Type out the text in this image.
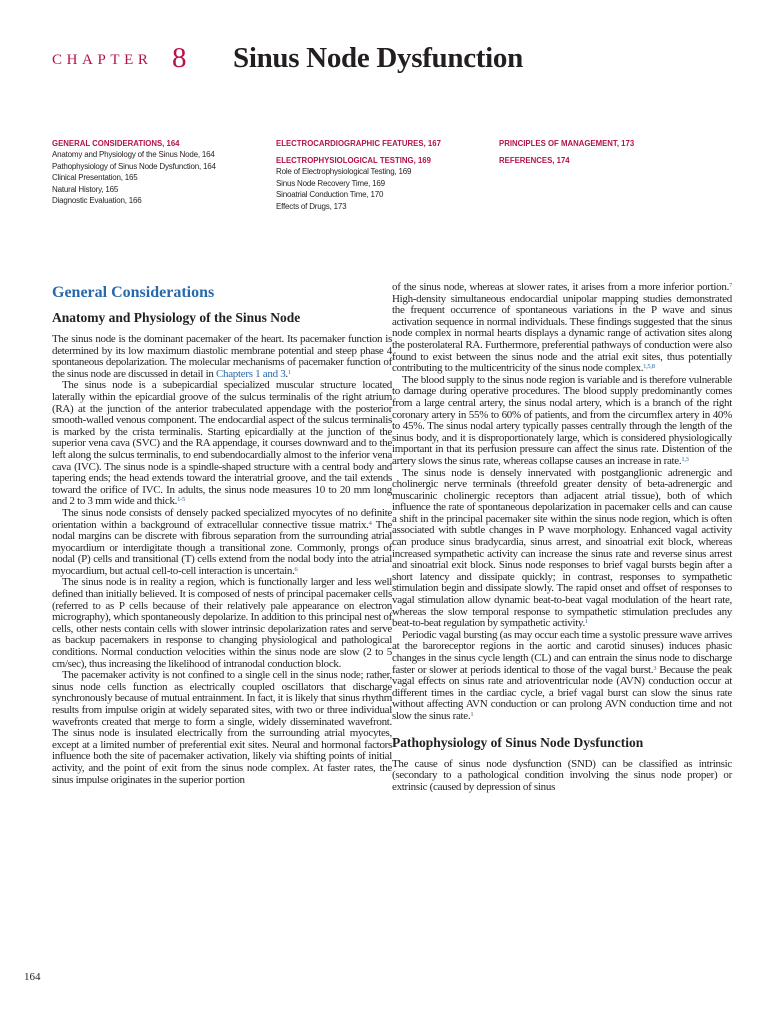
CHAPTER 8 Sinus Node Dysfunction
GENERAL CONSIDERATIONS, 164
Anatomy and Physiology of the Sinus Node, 164
Pathophysiology of Sinus Node Dysfunction, 164
Clinical Presentation, 165
Natural History, 165
Diagnostic Evaluation, 166
ELECTROCARDIOGRAPHIC FEATURES, 167
ELECTROPHYSIOLOGICAL TESTING, 169
Role of Electrophysiological Testing, 169
Sinus Node Recovery Time, 169
Sinoatrial Conduction Time, 170
Effects of Drugs, 173
PRINCIPLES OF MANAGEMENT, 173
REFERENCES, 174
General Considerations
Anatomy and Physiology of the Sinus Node

The sinus node is the dominant pacemaker of the heart. Its pacemaker function is determined by its low maximum diastolic membrane potential and steep phase 4 spontaneous depolarization. The molecular mechanisms of pacemaker function of the sinus node are discussed in detail in Chapters 1 and 3.$^1$

The sinus node is a subepicardial specialized muscular structure located laterally within the epicardial groove of the sulcus terminalis of the right atrium (RA) at the junction of the anterior trabeculated appendage with the posterior smooth-walled venous component. The endocardial aspect of the sulcus terminalis is marked by the crista terminalis. Starting epicardially at the junction of the superior vena cava (SVC) and the RA appendage, it courses downward and to the left along the sulcus terminalis, to end subendocardially almost to the inferior vena cava (IVC). The sinus node is a spindle-shaped structure with a central body and tapering ends; the head extends toward the interatrial groove, and the tail extends toward the orifice of IVC. In adults, the sinus node measures 10 to 20 mm long and 2 to 3 mm wide and thick.$^{1-5}$

The sinus node consists of densely packed specialized myocytes of no definite orientation within a background of extracellular connective tissue matrix.$^4$ The nodal margins can be discrete with fibrous separation from the surrounding atrial myocardium or interdigitate though a transitional zone. Commonly, prongs of nodal (P) cells and transitional (T) cells extend from the nodal body into the atrial myocardium, but actual cell-to-cell interaction is uncertain.$^6$

The sinus node is in reality a region, which is functionally larger and less well defined than initially believed. It is composed of nests of principal pacemaker cells (referred to as P cells because of their relatively pale appearance on electron micrography), which spontaneously depolarize. In addition to this principal nest of cells, other nests contain cells with slower intrinsic depolarization rates and serve as backup pacemakers in response to changing physiological and pathological conditions. Normal conduction velocities within the sinus node are slow (2 to 5 cm/sec), thus increasing the likelihood of intranodal conduction block.

The pacemaker activity is not confined to a single cell in the sinus node; rather, sinus node cells function as electrically coupled oscillators that discharge synchronously because of mutual entrainment. In fact, it is likely that sinus rhythm results from impulse origin at widely separated sites, with two or three individual wavefronts created that merge to form a single, widely disseminated wavefront. The sinus node is insulated electrically from the surrounding atrial myocytes, except at a limited number of preferential exit sites. Neural and hormonal factors influence both the site of pacemaker activation, likely via shifting points of initial activity, and the point of exit from the sinus node complex. At faster rates, the sinus impulse originates in the superior portion

of the sinus node, whereas at slower rates, it arises from a more inferior portion.$^7$ High-density simultaneous endocardial unipolar mapping studies demonstrated the frequent occurrence of spontaneous variations in the P wave and sinus activation sequence in normal individuals. These findings suggested that the sinus node complex in normal hearts displays a dynamic range of activation sites along the posterolateral RA. Furthermore, preferential pathways of conduction were also found to exist between the sinus node and the atrial exit sites, thus potentially contributing to the multicentricity of the sinus node complex.$^{1,5,8}$

The blood supply to the sinus node region is variable and is therefore vulnerable to damage during operative procedures. The blood supply predominantly comes from a large central artery, the sinus nodal artery, which is a branch of the right coronary artery in 55% to 60% of patients, and from the circumflex artery in 40% to 45%. The sinus nodal artery typically passes centrally through the length of the sinus body, and it is disproportionately large, which is considered physiologically important in that its perfusion pressure can affect the sinus rate. Distention of the artery slows the sinus rate, whereas collapse causes an increase in rate.$^{1,3}$

The sinus node is densely innervated with postganglionic adrenergic and cholinergic nerve terminals (threefold greater density of beta-adrenergic and muscarinic cholinergic receptors than adjacent atrial tissue), both of which influence the rate of spontaneous depolarization in pacemaker cells and can cause a shift in the principal pacemaker site within the sinus node region, which is often associated with subtle changes in P wave morphology. Enhanced vagal activity can produce sinus bradycardia, sinus arrest, and sinoatrial exit block, whereas increased sympathetic activity can increase the sinus rate and reverse sinus arrest and sinoatrial exit block. Sinus node responses to brief vagal bursts begin after a short latency and dissipate quickly; in contrast, responses to sympathetic stimulation begin and dissipate slowly. The rapid onset and offset of responses to vagal stimulation allow dynamic beat-to-beat vagal modulation of the heart rate, whereas the slow temporal response to sympathetic stimulation precludes any beat-to-beat regulation by sympathetic activity.$^1$

Periodic vagal bursting (as may occur each time a systolic pressure wave arrives at the baroreceptor regions in the aortic and carotid sinuses) induces phasic changes in the sinus cycle length (CL) and can entrain the sinus node to discharge faster or slower at periods identical to those of the vagal burst.$^3$ Because the peak vagal effects on sinus rate and atrioventricular node (AVN) conduction occur at different times in the cardiac cycle, a brief vagal burst can slow the sinus rate without affecting AVN conduction or can prolong AVN conduction time and not slow the sinus rate.$^1$

Pathophysiology of Sinus Node Dysfunction

The cause of sinus node dysfunction (SND) can be classified as intrinsic (secondary to a pathological condition involving the sinus node proper) or extrinsic (caused by depression of sinus

164
